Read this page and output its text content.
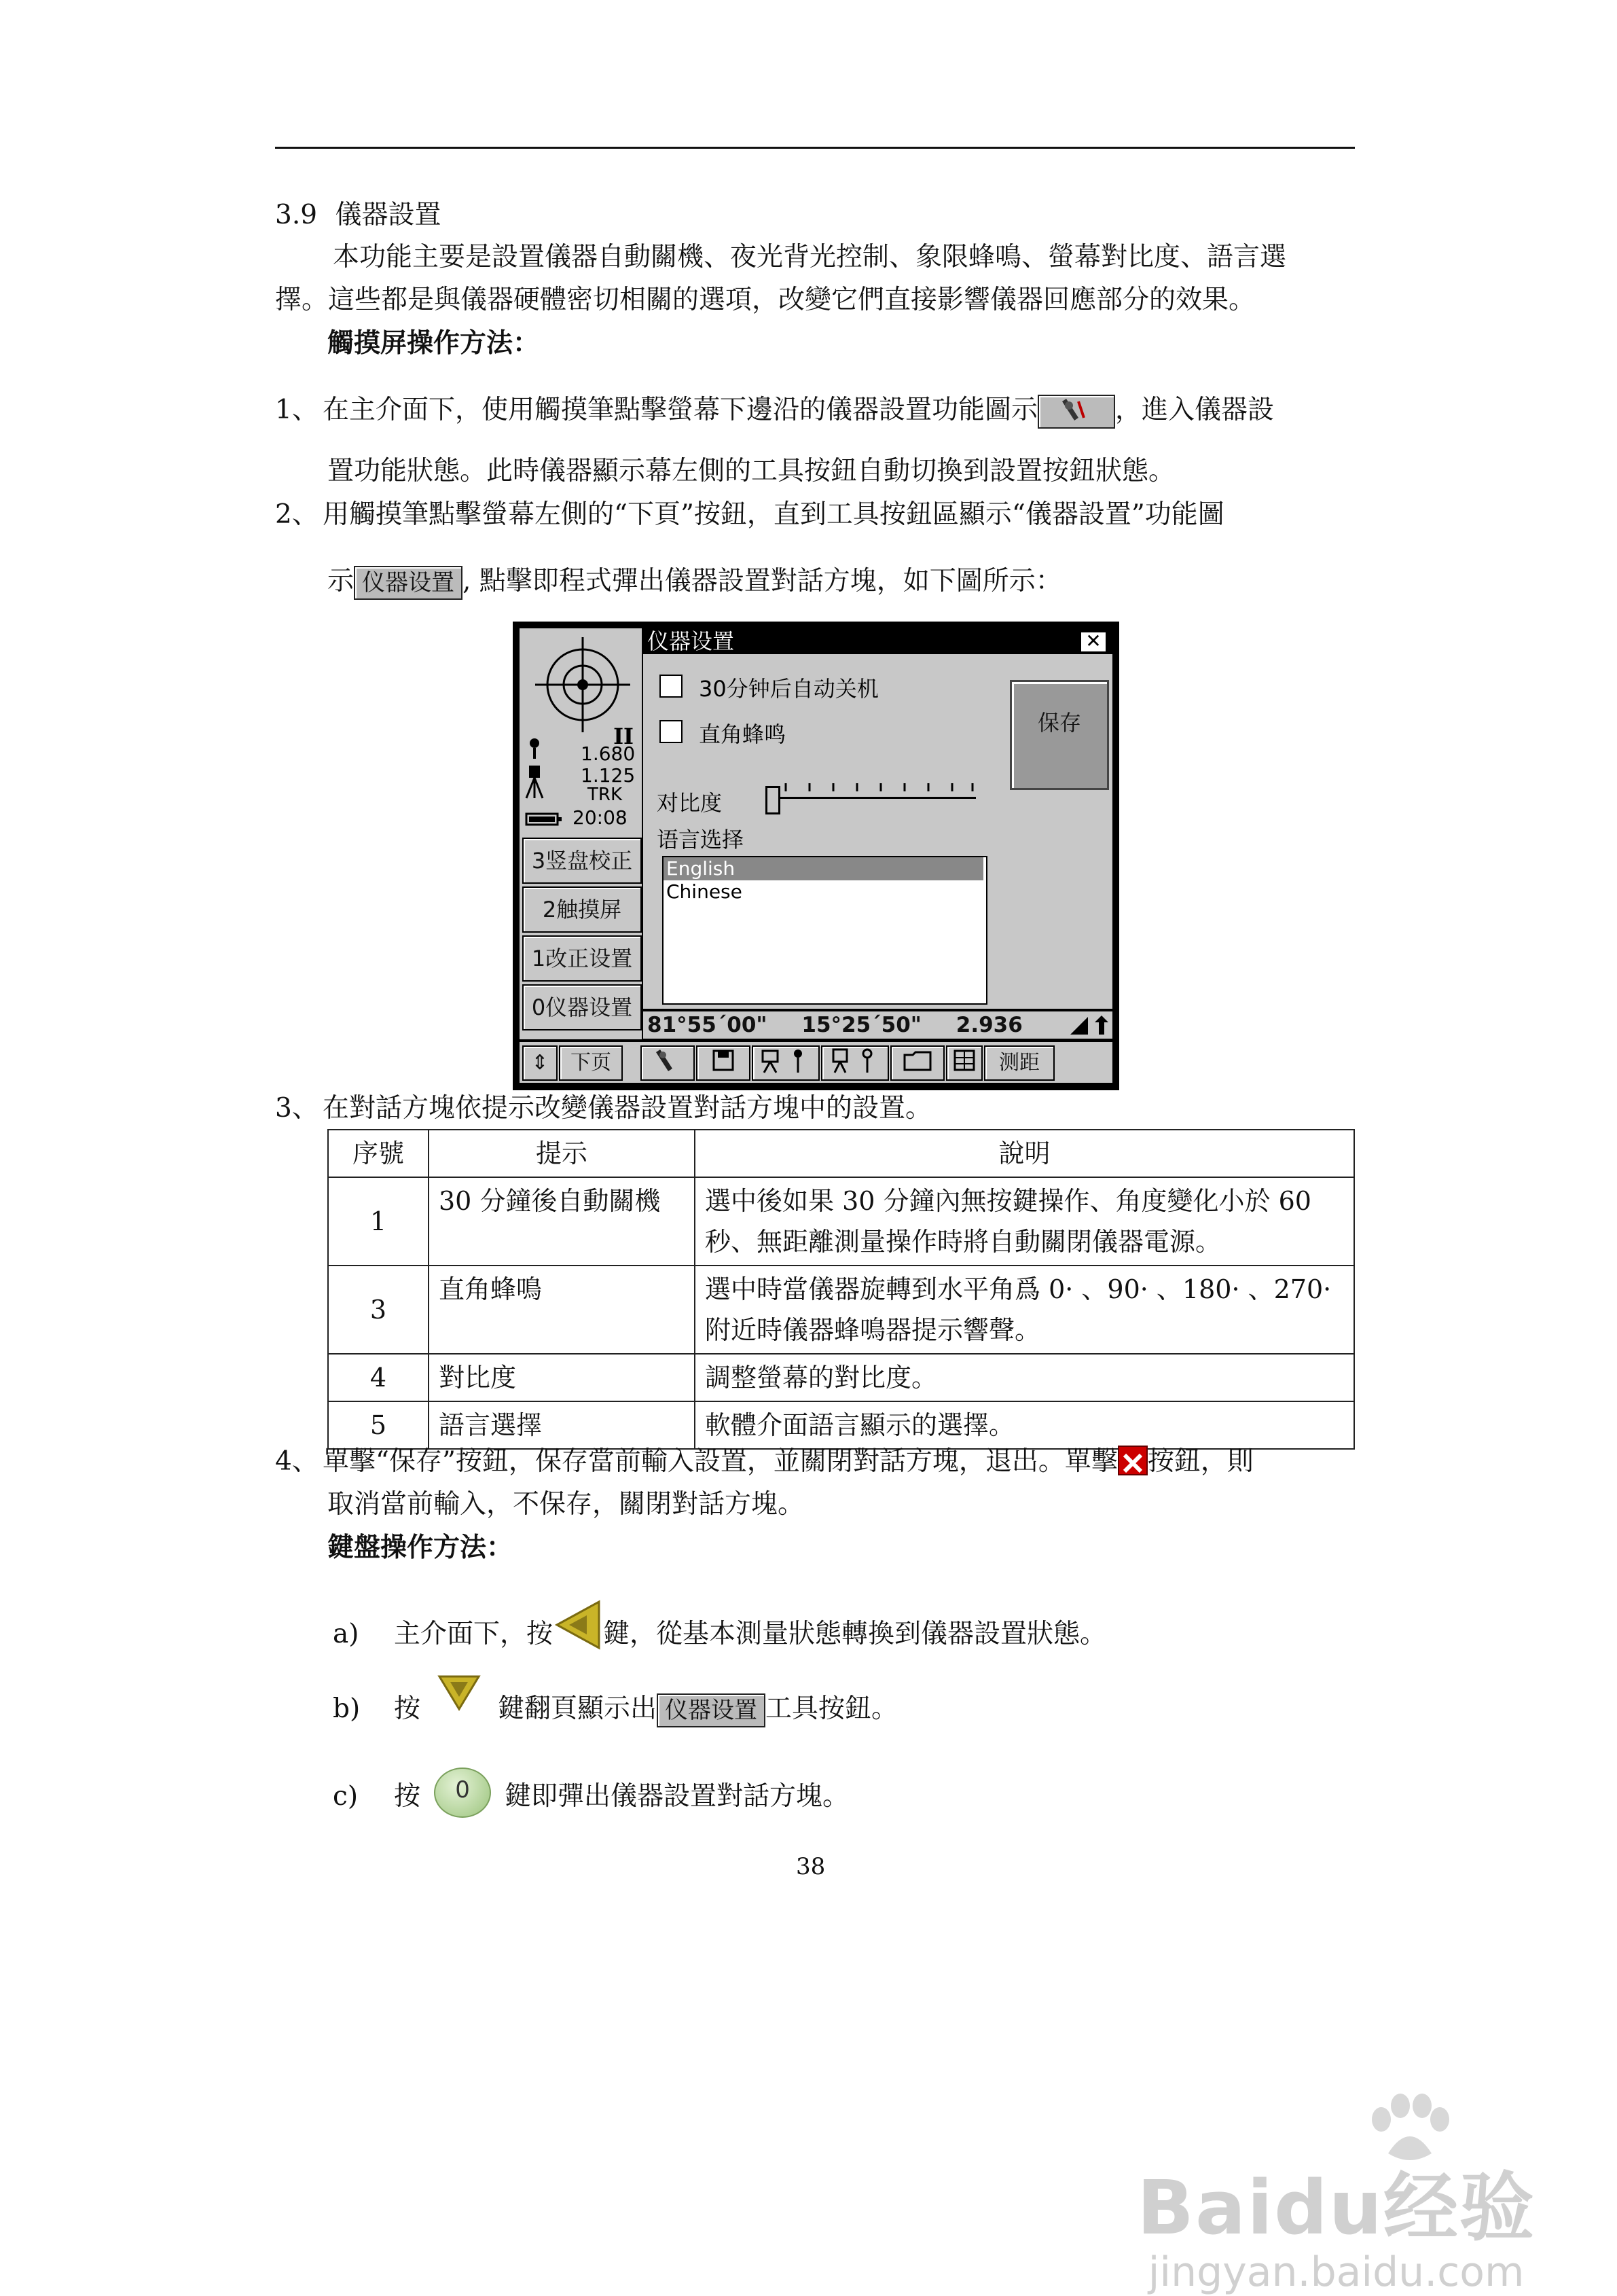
3.9 儀器設置
本功能主要是設置儀器自動關機、夜光背光控制、象限蜂鳴、螢幕對比度、語言選
擇。這些都是與儀器硬體密切相關的選項，改變它們直接影響儀器回應部分的效果。
觸摸屏操作方法：
1、 在主介面下，使用觸摸筆點擊螢幕下邊沿的儀器設置功能圖示	，進入儀器設
置功能狀態。此時儀器顯示幕左側的工具按鈕自動切換到設置按鈕狀態。
2、 用觸摸筆點擊螢幕左側的“下頁”按鈕，直到工具按鈕區顯示“儀器設置”功能圖
示 仪器设置 , 點擊即程式彈出儀器設置對話方塊，如下圖所示：
II
1.680
1.125
TRK
20:08
3竖盘校正
2触摸屏
1改正设置
0仪器设置
仪器设置	✕
30分钟后自动关机
直角蜂鸣	保存
对比度
语言选择
English
Chinese
81°55´00" 15°25´50" 2.936
⇕	下页	测距
3、 在對話方塊依提示改變儀器設置對話方塊中的設置。
序號	提示	說明
1	30 分鐘後自動關機	選中後如果 30 分鐘內無按鍵操作、角度變化小於 60
秒、無距離測量操作時將自動關閉儀器電源。

3	直角蜂鳴	選中時當儀器旋轉到水平角爲 0· 、90· 、180· 、270·
附近時儀器蜂鳴器提示響聲。

4	對比度	調整螢幕的對比度。
5	語言選擇	軟體介面語言顯示的選擇。
4、 單擊“保存”按鈕，保存當前輸入設置，並關閉對話方塊，退出。單擊 按鈕，則
取消當前輸入，不保存，關閉對話方塊。
鍵盤操作方法：
a) 主介面下，按 鍵，從基本測量狀態轉換到儀器設置狀態。
b) 按	鍵翻頁顯示出 仪器设置 工具按鈕。
c) 按 0 鍵即彈出儀器設置對話方塊。
38
Baidu经验
jingyan.baidu.com
